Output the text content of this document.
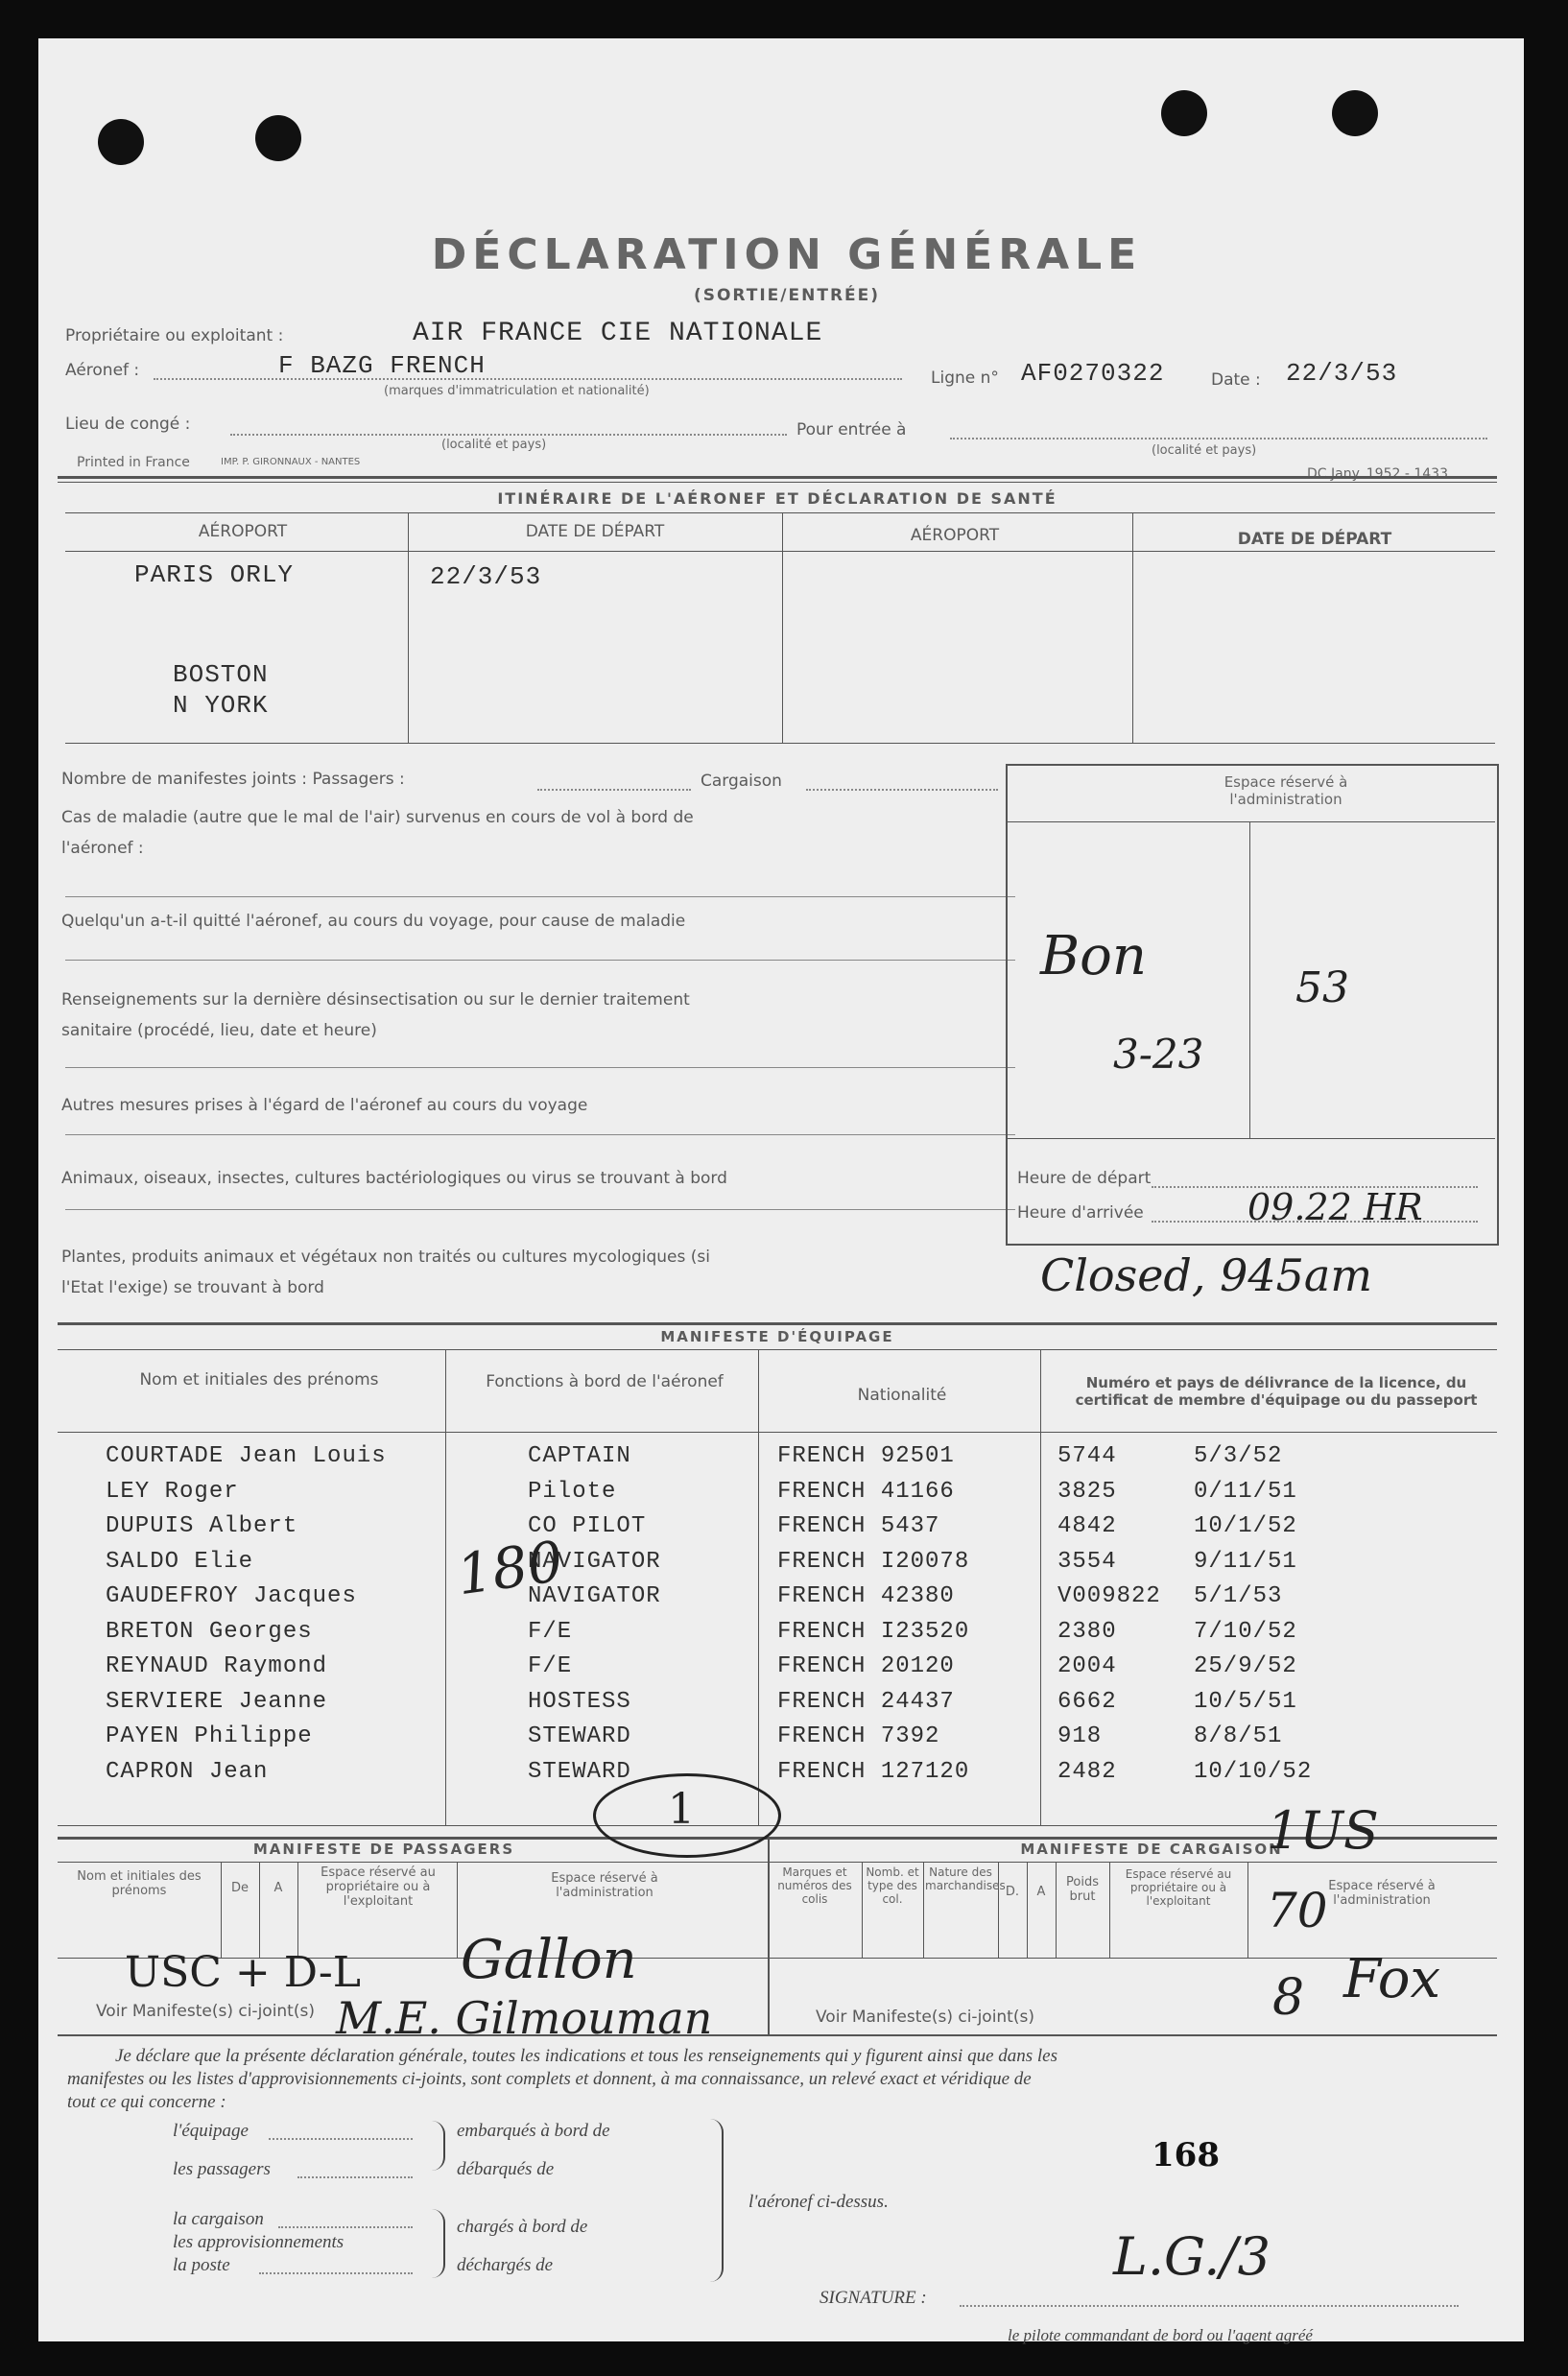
DÉCLARATION GÉNÉRALE
(SORTIE/ENTRÉE)
Propriétaire ou exploitant :	AIR FRANCE CIE NATIONALE
Aéronef :	F BAZG FRENCH
(marques d'immatriculation et nationalité)
Ligne n° AF0270322	Date : 22/3/53
Lieu de congé :	Pour entrée à
(localité et pays)	(localité et pays)
Printed in France	IMP. P. GIRONNAUX - NANTES
DC Jany. 1952 - 1433
ITINÉRAIRE DE L'AÉRONEF ET DÉCLARATION DE SANTÉ
AÉROPORT	DATE DE DÉPART	AÉROPORT	DATE DE DÉPART
PARIS ORLY	22/3/53
BOSTON
N YORK
Nombre de manifestes joints : Passagers :	Cargaison
Cas de maladie (autre que le mal de l'air) survenus en cours de vol à bord de
l'aéronef :
Quelqu'un a-t-il quitté l'aéronef, au cours du voyage, pour cause de maladie
Renseignements sur la dernière désinsectisation ou sur le dernier traitement
sanitaire (procédé, lieu, date et heure)
Autres mesures prises à l'égard de l'aéronef au cours du voyage
Animaux, oiseaux, insectes, cultures bactériologiques ou virus se trouvant à bord
Plantes, produits animaux et végétaux non traités ou cultures mycologiques (si
l'Etat l'exige) se trouvant à bord
Espace réservé à l'administration
Bon
3-23
53
Heure de départ
Heure d'arrivée	09.22 HR
Closed, 945am
MANIFESTE D'ÉQUIPAGE
Nom et initiales des prénoms	Fonctions à bord de l'aéronef
Nationalité
Numéro et pays de délivrance de la licence, du certificat de membre d'équipage ou du passeport
COURTADE Jean Louis	CAPTAIN	FRENCH 92501	5744	5/3/52
LEY Roger	Pilote	FRENCH 41166	3825	0/11/51
DUPUIS Albert	CO PILOT	FRENCH 5437	4842	10/1/52
SALDO Elie	NAVIGATOR	FRENCH I20078	3554	9/11/51
GAUDEFROY Jacques	NAVIGATOR	FRENCH 42380	V009822 5/1/53
BRETON Georges	F/E	FRENCH I23520	2380	7/10/52
REYNAUD Raymond	F/E	FRENCH 20120	2004	25/9/52
SERVIERE Jeanne	HOSTESS	FRENCH 24437	6662	10/5/51
PAYEN Philippe	STEWARD	FRENCH 7392	918	8/8/51
CAPRON Jean	STEWARD	FRENCH 127120	2482	10/10/52
180
MANIFESTE DE PASSAGERS	MANIFESTE DE CARGAISON
Nom et initiales des prénoms	De	A
Espace réservé au propriétaire ou à l'exploitant
Espace réservé à l'administration
USC + D-L Gallon
M.E. Gilmouman
1
Voir Manifeste(s) ci-joint(s)
Marques et numéros des colis
Nomb. et type des col.
Nature des marchandises D.	A
Poids brut
Espace réservé au propriétaire ou à l'exploitant
Espace réservé à l'administration
1US
70
8 Fox
Voir Manifeste(s) ci-joint(s)
Je déclare que la présente déclaration générale, toutes les indications et tous les renseignements qui y figurent ainsi que dans les
manifestes ou les listes d'approvisionnements ci-joints, sont complets et donnent, à ma connaissance, un relevé exact et véridique de
tout ce qui concerne :
l'équipage
les passagers
la cargaison
les approvisionnements
la poste
embarqués à bord de
débarqués de
chargés à bord de
déchargés de
l'aéronef ci-dessus.
168
SIGNATURE :
L.G./3
le pilote commandant de bord ou l'agent agréé
